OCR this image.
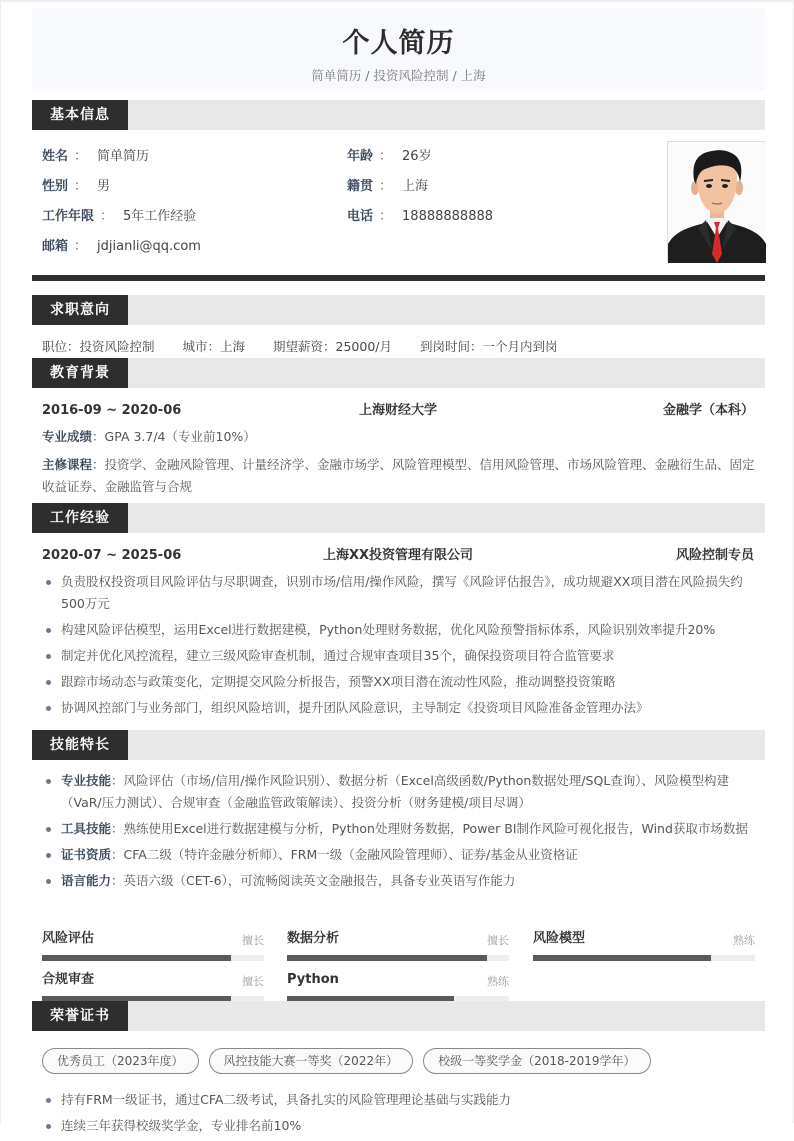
个人简历
简单简历 / 投资风险控制 / 上海
基本信息
姓名 ： 简单简历
性别 ： 男
工作年限 ： 5年工作经验
邮箱 ： jdjianli@qq.com
年龄 ： 26岁
籍贯 ： 上海
电话 ： 18888888888
求职意向
职位：投资风险控制 城市：上海 期望薪资：25000/月 到岗时间：一个月内到岗
教育背景
2016-09 ~ 2020-06	上海财经大学	金融学（本科）
专业成绩：GPA 3.7/4（专业前10%）
主修课程：投资学、金融风险管理、计量经济学、金融市场学、风险管理模型、信用风险管理、市场风险管理、金融衍生品、固定收益证券、金融监管与合规
工作经验
2020-07 ~ 2025-06	上海XX投资管理有限公司	风险控制专员
负责股权投资项目风险评估与尽职调查，识别市场/信用/操作风险，撰写《风险评估报告》，成功规避XX项目潜在风险损失约500万元
构建风险评估模型，运用Excel进行数据建模，Python处理财务数据，优化风险预警指标体系，风险识别效率提升20%
制定并优化风控流程，建立三级风险审查机制，通过合规审查项目35个，确保投资项目符合监管要求
跟踪市场动态与政策变化，定期提交风险分析报告，预警XX项目潜在流动性风险，推动调整投资策略
协调风控部门与业务部门，组织风险培训，提升团队风险意识，主导制定《投资项目风险准备金管理办法》
技能特长
专业技能：风险评估（市场/信用/操作风险识别）、数据分析（Excel高级函数/Python数据处理/SQL查询）、风险模型构建（VaR/压力测试）、合规审查（金融监管政策解读）、投资分析（财务建模/项目尽调）
工具技能：熟练使用Excel进行数据建模与分析，Python处理财务数据，Power BI制作风险可视化报告，Wind获取市场数据
证书资质：CFA二级（特许金融分析师）、FRM一级（金融风险管理师）、证券/基金从业资格证
语言能力：英语六级（CET-6），可流畅阅读英文金融报告，具备专业英语写作能力
风险评估	擅长 数据分析	擅长 风险模型	熟练
合规审查	擅长 Python	熟练
荣誉证书
优秀员工（2023年度）	风控技能大赛一等奖（2022年）	校级一等奖学金（2018-2019学年）
持有FRM一级证书，通过CFA二级考试，具备扎实的风险管理理论基础与实践能力
连续三年获得校级奖学金，专业排名前10%
